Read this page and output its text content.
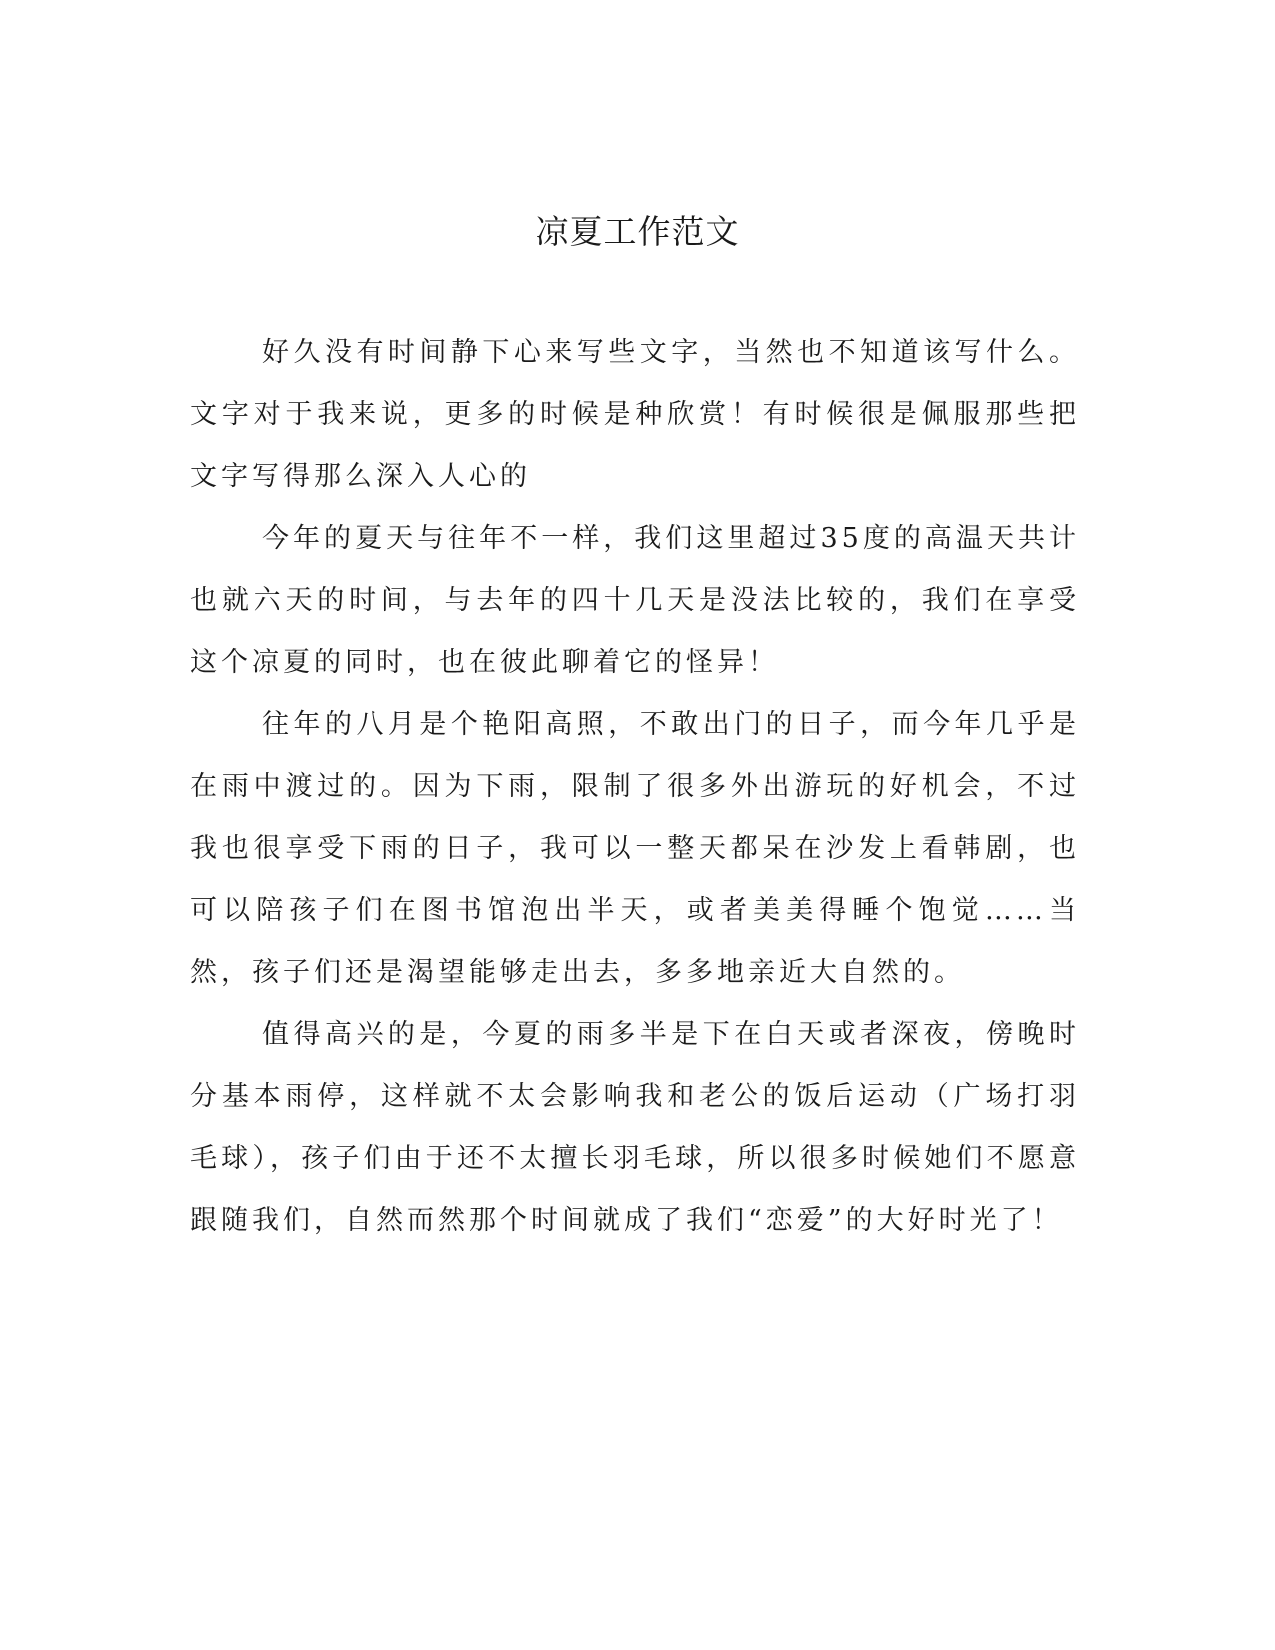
凉夏工作范文

好久没有时间静下心来写些文字，当然也不知道该写什么。文字对于我来说，更多的时候是种欣赏！有时候很是佩服那些把文字写得那么深入人心的

今年的夏天与往年不一样，我们这里超过35度的高温天共计也就六天的时间，与去年的四十几天是没法比较的，我们在享受这个凉夏的同时，也在彼此聊着它的怪异！

往年的八月是个艳阳高照，不敢出门的日子，而今年几乎是在雨中渡过的。因为下雨，限制了很多外出游玩的好机会，不过我也很享受下雨的日子，我可以一整天都呆在沙发上看韩剧，也可以陪孩子们在图书馆泡出半天，或者美美得睡个饱觉……当然，孩子们还是渴望能够走出去，多多地亲近大自然的。

值得高兴的是，今夏的雨多半是下在白天或者深夜，傍晚时分基本雨停，这样就不太会影响我和老公的饭后运动（广场打羽毛球），孩子们由于还不太擅长羽毛球，所以很多时候她们不愿意跟随我们，自然而然那个时间就成了我们“恋爱”的大好时光了！
